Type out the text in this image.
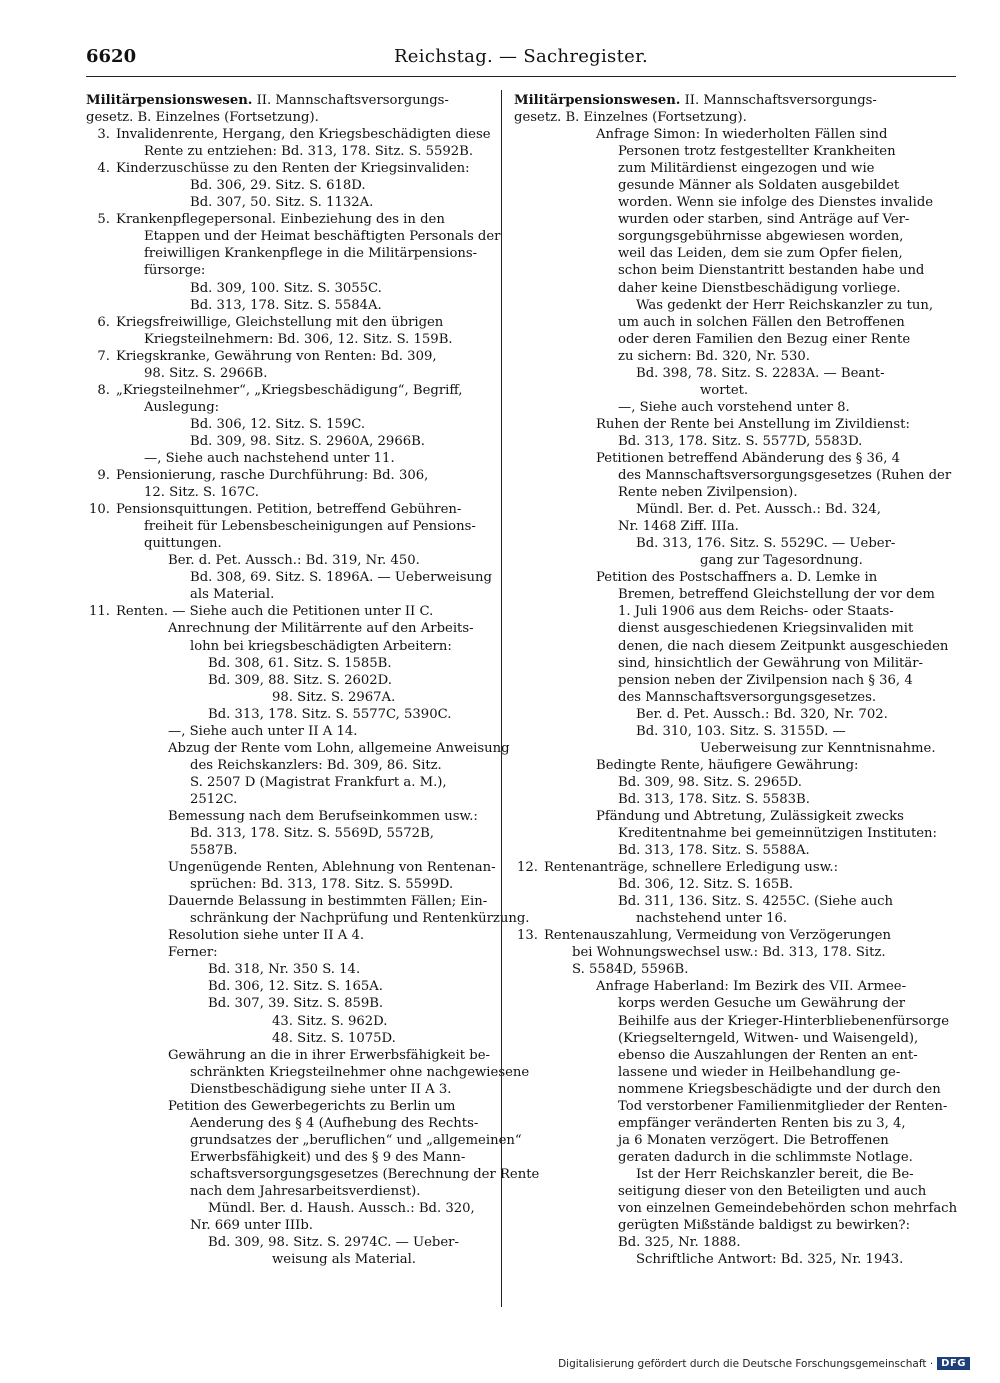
6620	Reichstag. — Sachregister.
Militärpensionswesen. II. Mannschaftsversorgungs-
gesetz. B. Einzelnes (Fortsetzung).
3. Invalidenrente, Hergang, den Kriegsbeschädigten diese
Rente zu entziehen: Bd. 313, 178. Sitz. S. 5592B.
4. Kinderzuschüsse zu den Renten der Kriegsinvaliden:
Bd. 306, 29. Sitz. S. 618D.
Bd. 307, 50. Sitz. S. 1132A.
5. Krankenpflegepersonal. Einbeziehung des in den
Etappen und der Heimat beschäftigten Personals der
freiwilligen Krankenpflege in die Militärpensions-
fürsorge:
Bd. 309, 100. Sitz. S. 3055C.
Bd. 313, 178. Sitz. S. 5584A.
6. Kriegsfreiwillige, Gleichstellung mit den übrigen
Kriegsteilnehmern: Bd. 306, 12. Sitz. S. 159B.
7. Kriegskranke, Gewährung von Renten: Bd. 309,
98. Sitz. S. 2966B.
8. „Kriegsteilnehmer“, „Kriegsbeschädigung“, Begriff,
Auslegung:
Bd. 306, 12. Sitz. S. 159C.
Bd. 309, 98. Sitz. S. 2960A, 2966B.
—, Siehe auch nachstehend unter 11.
9. Pensionierung, rasche Durchführung: Bd. 306,
12. Sitz. S. 167C.
10. Pensionsquittungen. Petition, betreffend Gebühren-
freiheit für Lebensbescheinigungen auf Pensions-
quittungen.
Ber. d. Pet. Aussch.: Bd. 319, Nr. 450.
Bd. 308, 69. Sitz. S. 1896A. — Ueberweisung
als Material.
11. Renten. — Siehe auch die Petitionen unter II C.
Anrechnung der Militärrente auf den Arbeits-
lohn bei kriegsbeschädigten Arbeitern:
Bd. 308, 61. Sitz. S. 1585B.
Bd. 309, 88. Sitz. S. 2602D.
98. Sitz. S. 2967A.
Bd. 313, 178. Sitz. S. 5577C, 5390C.
—, Siehe auch unter II A 14.
Abzug der Rente vom Lohn, allgemeine Anweisung
des Reichskanzlers: Bd. 309, 86. Sitz.
S. 2507 D (Magistrat Frankfurt a. M.),
2512C.
Bemessung nach dem Berufseinkommen usw.:
Bd. 313, 178. Sitz. S. 5569D, 5572B,
5587B.
Ungenügende Renten, Ablehnung von Rentenan-
sprüchen: Bd. 313, 178. Sitz. S. 5599D.
Dauernde Belassung in bestimmten Fällen; Ein-
schränkung der Nachprüfung und Rentenkürzung.
Resolution siehe unter II A 4.
Ferner:
Bd. 318, Nr. 350 S. 14.
Bd. 306, 12. Sitz. S. 165A.
Bd. 307, 39. Sitz. S. 859B.
43. Sitz. S. 962D.
48. Sitz. S. 1075D.
Gewährung an die in ihrer Erwerbsfähigkeit be-
schränkten Kriegsteilnehmer ohne nachgewiesene
Dienstbeschädigung siehe unter II A 3.
Petition des Gewerbegerichts zu Berlin um
Aenderung des § 4 (Aufhebung des Rechts-
grundsatzes der „beruflichen“ und „allgemeinen“
Erwerbsfähigkeit) und des § 9 des Mann-
schaftsversorgungsgesetzes (Berechnung der Rente
nach dem Jahresarbeitsverdienst).
Mündl. Ber. d. Haush. Aussch.: Bd. 320,
Nr. 669 unter IIIb.
Bd. 309, 98. Sitz. S. 2974C. — Ueber-
weisung als Material.
Militärpensionswesen. II. Mannschaftsversorgungs-
gesetz. B. Einzelnes (Fortsetzung).
Anfrage Simon: In wiederholten Fällen sind
Personen trotz festgestellter Krankheiten
zum Militärdienst eingezogen und wie
gesunde Männer als Soldaten ausgebildet
worden. Wenn sie infolge des Dienstes invalide
wurden oder starben, sind Anträge auf Ver-
sorgungsgebührnisse abgewiesen worden,
weil das Leiden, dem sie zum Opfer fielen,
schon beim Dienstantritt bestanden habe und
daher keine Dienstbeschädigung vorliege.
Was gedenkt der Herr Reichskanzler zu tun,
um auch in solchen Fällen den Betroffenen
oder deren Familien den Bezug einer Rente
zu sichern: Bd. 320, Nr. 530.
Bd. 398, 78. Sitz. S. 2283A. — Beant-
wortet.
—, Siehe auch vorstehend unter 8.
Ruhen der Rente bei Anstellung im Zivildienst:
Bd. 313, 178. Sitz. S. 5577D, 5583D.
Petitionen betreffend Abänderung des § 36, 4
des Mannschaftsversorgungsgesetzes (Ruhen der
Rente neben Zivilpension).
Mündl. Ber. d. Pet. Aussch.: Bd. 324,
Nr. 1468 Ziff. IIIa.
Bd. 313, 176. Sitz. S. 5529C. — Ueber-
gang zur Tagesordnung.
Petition des Postschaffners a. D. Lemke in
Bremen, betreffend Gleichstellung der vor dem
1. Juli 1906 aus dem Reichs- oder Staats-
dienst ausgeschiedenen Kriegsinvaliden mit
denen, die nach diesem Zeitpunkt ausgeschieden
sind, hinsichtlich der Gewährung von Militär-
pension neben der Zivilpension nach § 36, 4
des Mannschaftsversorgungsgesetzes.
Ber. d. Pet. Aussch.: Bd. 320, Nr. 702.
Bd. 310, 103. Sitz. S. 3155D. —
Ueberweisung zur Kenntnisnahme.
Bedingte Rente, häufigere Gewährung:
Bd. 309, 98. Sitz. S. 2965D.
Bd. 313, 178. Sitz. S. 5583B.
Pfändung und Abtretung, Zulässigkeit zwecks
Kreditentnahme bei gemeinnützigen Instituten:
Bd. 313, 178. Sitz. S. 5588A.
12. Rentenanträge, schnellere Erledigung usw.:
Bd. 306, 12. Sitz. S. 165B.
Bd. 311, 136. Sitz. S. 4255C. (Siehe auch
nachstehend unter 16.
13. Rentenauszahlung, Vermeidung von Verzögerungen
bei Wohnungswechsel usw.: Bd. 313, 178. Sitz.
S. 5584D, 5596B.
Anfrage Haberland: Im Bezirk des VII. Armee-
korps werden Gesuche um Gewährung der
Beihilfe aus der Krieger-Hinterbliebenenfürsorge
(Kriegselterngeld, Witwen- und Waisengeld),
ebenso die Auszahlungen der Renten an ent-
lassene und wieder in Heilbehandlung ge-
nommene Kriegsbeschädigte und der durch den
Tod verstorbener Familienmitglieder der Renten-
empfänger veränderten Renten bis zu 3, 4,
ja 6 Monaten verzögert. Die Betroffenen
geraten dadurch in die schlimmste Notlage.
Ist der Herr Reichskanzler bereit, die Be-
seitigung dieser von den Beteiligten und auch
von einzelnen Gemeindebehörden schon mehrfach
gerügten Mißstände baldigst zu bewirken?:
Bd. 325, Nr. 1888.
Schriftliche Antwort: Bd. 325, Nr. 1943.
Digitalisierung gefördert durch die Deutsche Forschungsgemeinschaft · DFG
